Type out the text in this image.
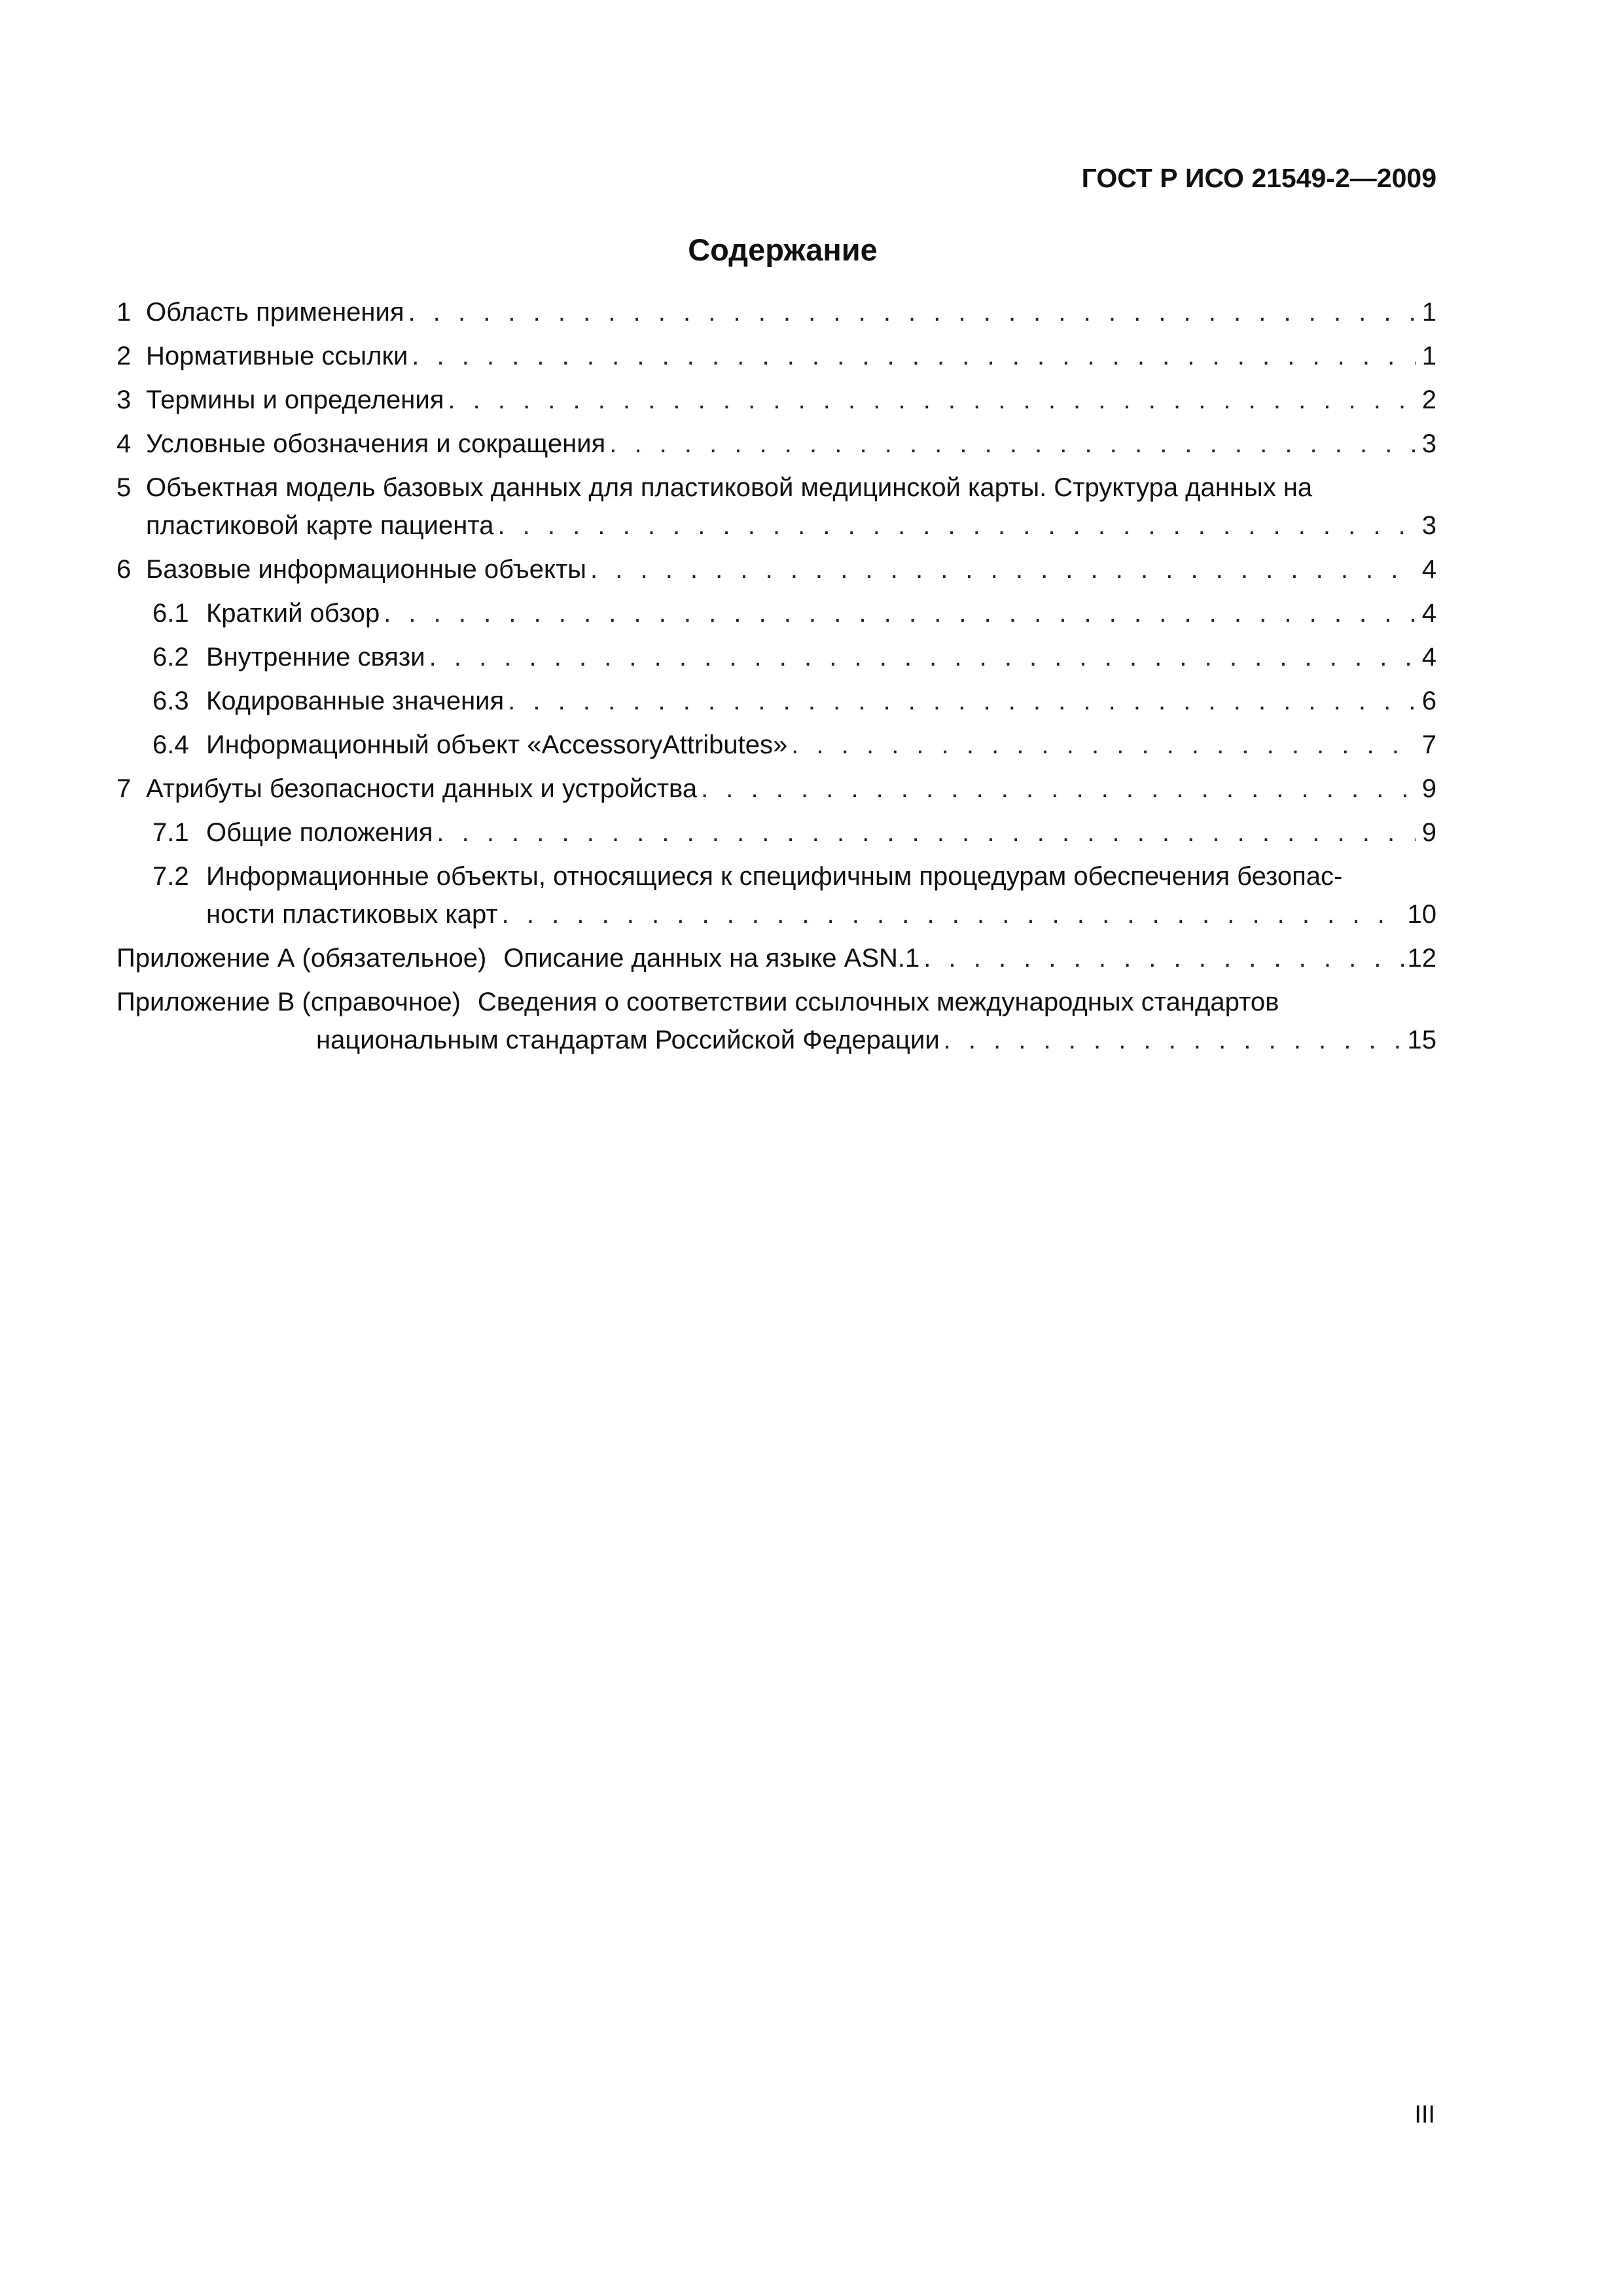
ГОСТ Р ИСО 21549-2—2009
Содержание
1 Область применения . . .	1
2 Нормативные ссылки . . .	1
3 Термины и определения . . .	2
4 Условные обозначения и сокращения . . .	3
5 Объектная модель базовых данных для пластиковой медицинской карты. Структура данных на
пластиковой карте пациента . . .	3
6 Базовые информационные объекты . . .	4
6.1 Краткий обзор . . .	4
6.2 Внутренние связи . . .	4
6.3 Кодированные значения . . .	6
6.4 Информационный объект «AccessoryAttributes» . . .	7
7 Атрибуты безопасности данных и устройства . . .	9
7.1 Общие положения . . .	9
7.2 Информационные объекты, относящиеся к специфичным процедурам обеспечения безопас-
ности пластиковых карт . . .	10
Приложение А (обязательное) Описание данных на языке ASN.1 . . .	12
Приложение В (справочное) Сведения о соответствии ссылочных международных стандартов
национальным стандартам Российской Федерации . . .	15
III
